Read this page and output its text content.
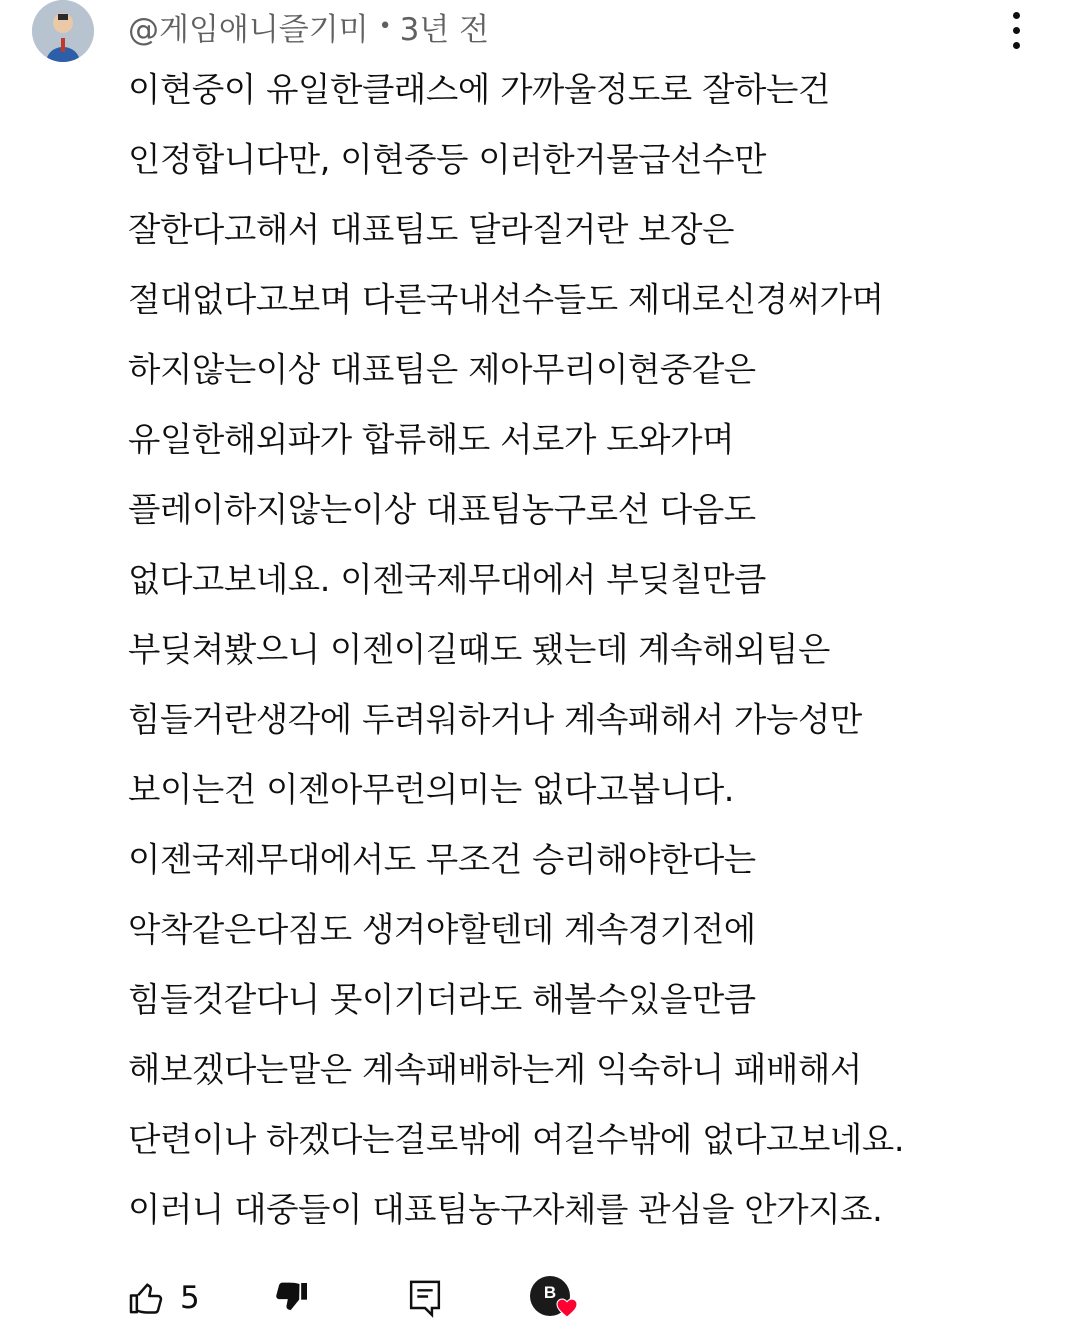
@게임애니즐기미 • 3년 전
이현중이 유일한클래스에 가까울정도로 잘하는건
인정합니다만, 이현중등 이러한거물급선수만
잘한다고해서 대표팀도 달라질거란 보장은
절대없다고보며 다른국내선수들도 제대로신경써가며
하지않는이상 대표팀은 제아무리이현중같은
유일한해외파가 합류해도 서로가 도와가며
플레이하지않는이상 대표팀농구로선 다음도
없다고보네요. 이젠국제무대에서 부딪칠만큼
부딪쳐봤으니 이젠이길때도 됐는데 계속해외팀은
힘들거란생각에 두려워하거나 계속패해서 가능성만
보이는건 이젠아무런의미는 없다고봅니다.
이젠국제무대에서도 무조건 승리해야한다는
악착같은다짐도 생겨야할텐데 계속경기전에
힘들것같다니 못이기더라도 해볼수있을만큼
해보겠다는말은 계속패배하는게 익숙하니 패배해서
단련이나 하겠다는걸로밖에 여길수밖에 없다고보네요.
이러니 대중들이 대표팀농구자체를 관심을 안가지죠.
5	B
